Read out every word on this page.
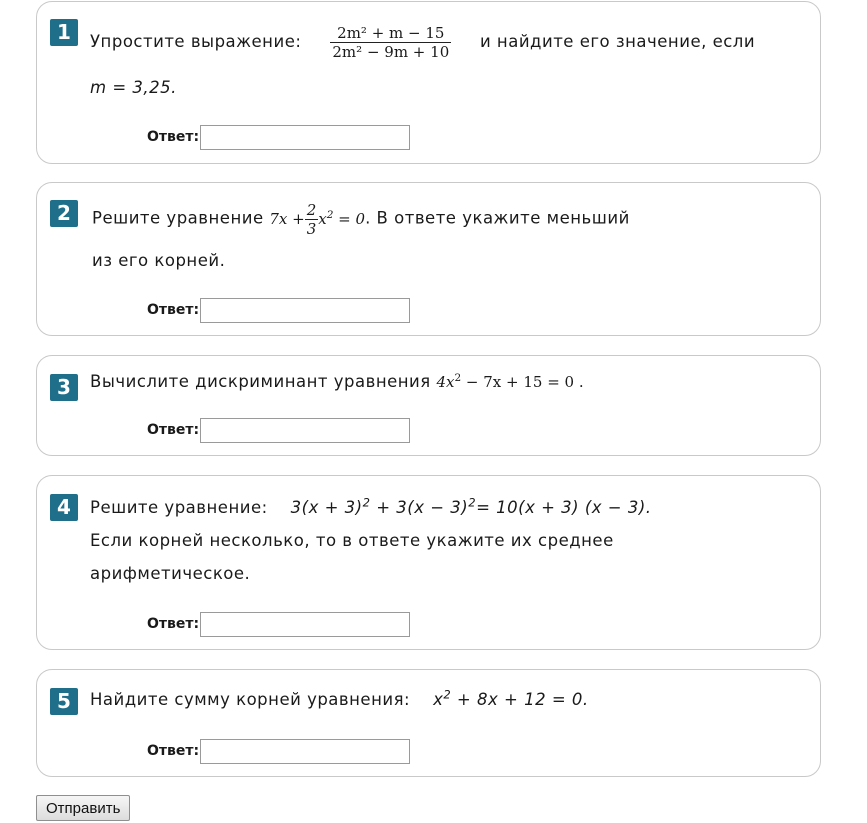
1	Упростите выражение: $\frac{\text{2m² + m − 15}}{\text{2m² − 9m + 10}}$ и найдите его значение, если
m = 3,25.
Ответ:
2	Решите уравнение $7x + \frac{2}{3} x^2 = 0$. В ответе укажите меньший
из его корней.
Ответ:
3	Вычислите дискриминант уравнения $4x^2 - 7x + 15 = 0$ .
Ответ:
4	Решите уравнение: $3(x + 3)^2 + 3(x - 3)^2= 10(x + 3)$ (x − 3).
Если корней несколько, то в ответе укажите их среднее
арифметическое.
Ответ:
5	Найдите сумму корней уравнения: $x^2 + 8x + 12 = 0$.
Ответ:
Отправить
